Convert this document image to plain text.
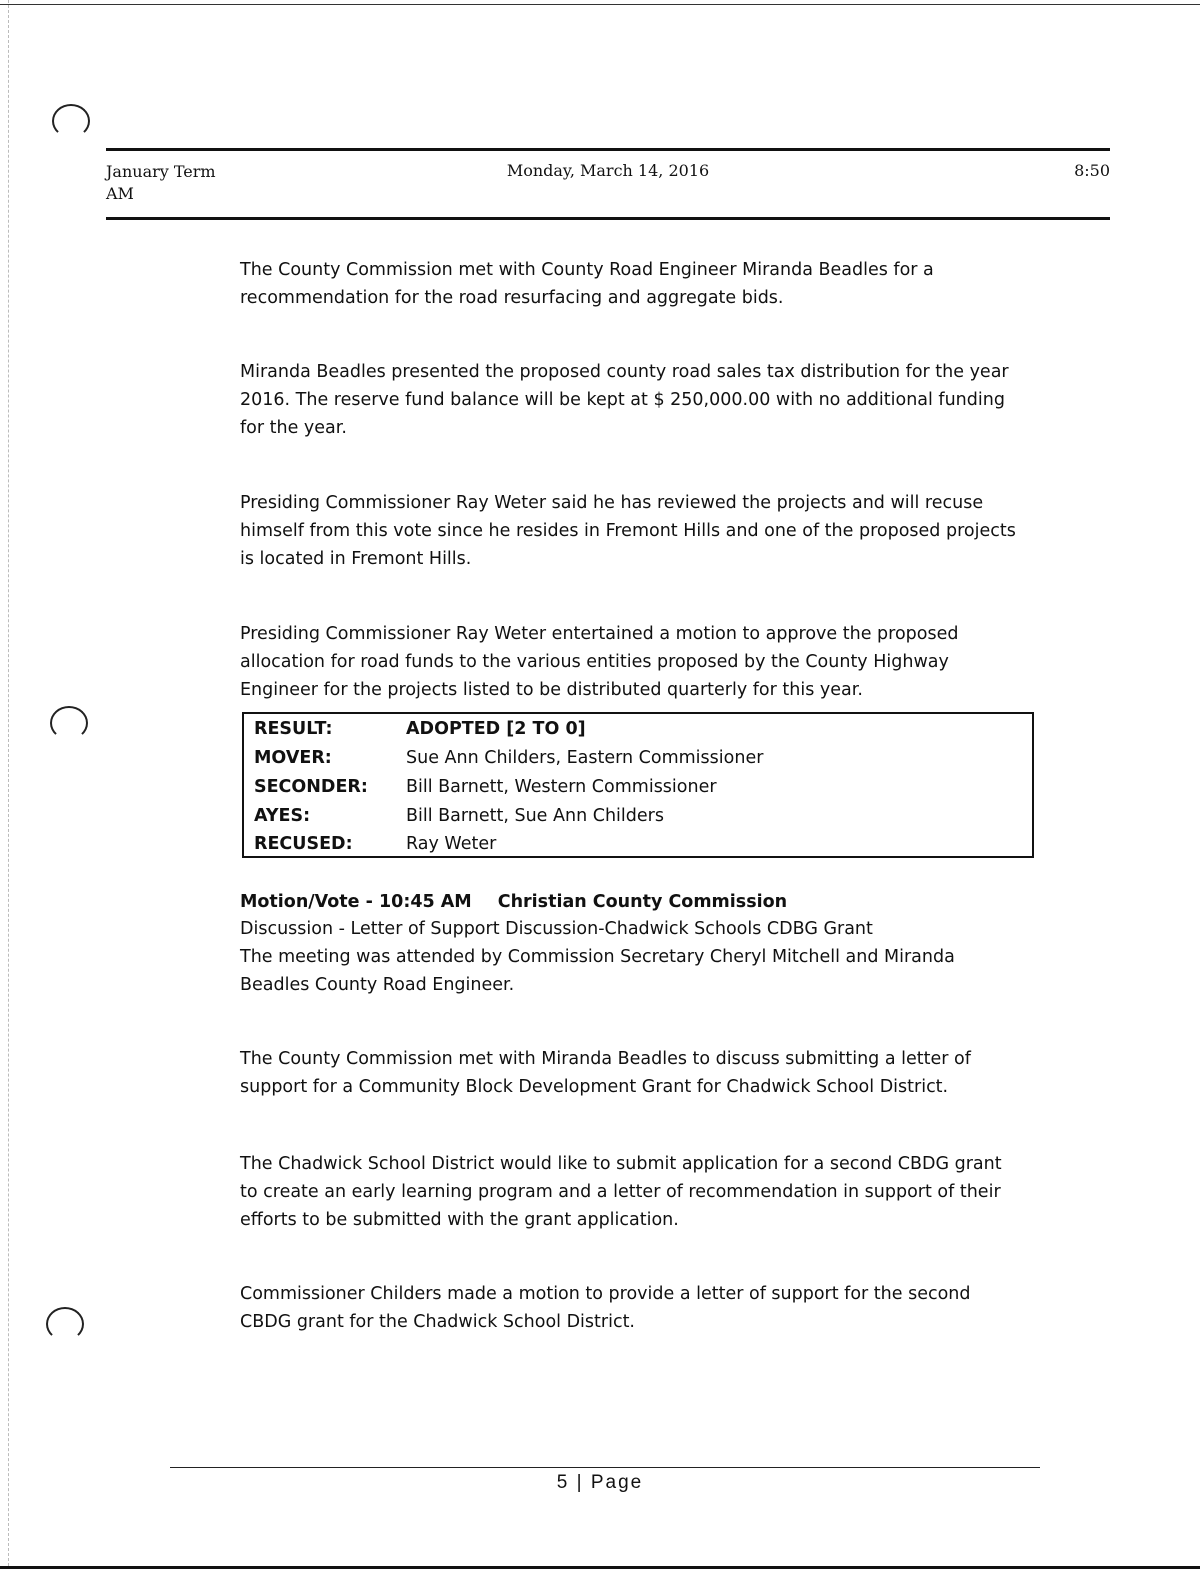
January Term
AM
Monday, March 14, 2016	8:50

The County Commission met with County Road Engineer Miranda Beadles for a
recommendation for the road resurfacing and aggregate bids.

Miranda Beadles presented the proposed county road sales tax distribution for the year
2016. The reserve fund balance will be kept at $ 250,000.00 with no additional funding
for the year.

Presiding Commissioner Ray Weter said he has reviewed the projects and will recuse
himself from this vote since he resides in Fremont Hills and one of the proposed projects
is located in Fremont Hills.

Presiding Commissioner Ray Weter entertained a motion to approve the proposed
allocation for road funds to the various entities proposed by the County Highway
Engineer for the projects listed to be distributed quarterly for this year.

RESULT:	ADOPTED [2 TO 0]
MOVER:	Sue Ann Childers, Eastern Commissioner
SECONDER: Bill Barnett, Western Commissioner
AYES:	Bill Barnett, Sue Ann Childers
RECUSED:	Ray Weter
Motion/Vote - 10:45 AM Christian County Commission

Discussion - Letter of Support Discussion-Chadwick Schools CDBG Grant
The meeting was attended by Commission Secretary Cheryl Mitchell and Miranda
Beadles County Road Engineer.

The County Commission met with Miranda Beadles to discuss submitting a letter of
support for a Community Block Development Grant for Chadwick School District.

The Chadwick School District would like to submit application for a second CBDG grant
to create an early learning program and a letter of recommendation in support of their
efforts to be submitted with the grant application.

Commissioner Childers made a motion to provide a letter of support for the second
CBDG grant for the Chadwick School District.

5 | Page
